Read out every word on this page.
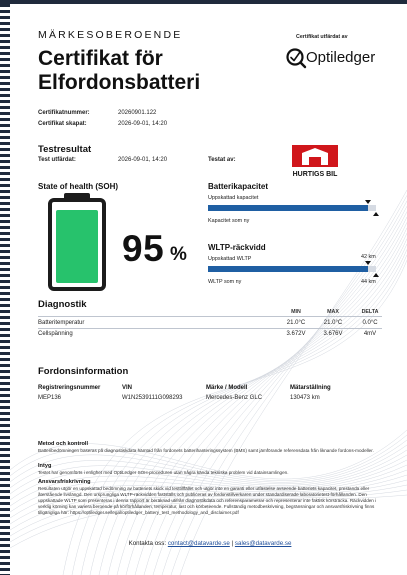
MÄRKESOBEROENDE
Certifikat för
Elfordonsbatteri
Certifikat utfärdat av
Optiledger
Certifikatnummer:	20260901.122
Certifikat skapat:	2026-09-01, 14:20
Testresultat
Test utfärdat:	2026-09-01, 14:20	Testat av:
HURTIGS BIL
State of health (SOH)
95 %
Batterikapacitet
Uppskattad kapacitet
Kapacitet som ny
WLTP-räckvidd
Uppskattad WLTP	42 km
WLTP som ny	44 km
Diagnostik
MIN	MAX	DELTA
Batteritemperatur	21.0°C	21.0°C	0.0°C
Cellspänning	3.672V	3.676V	4mV
Fordonsinformation
Registreringsnummer
MEP136
VIN
W1N2539111G098293
Märke / Modell
Mercedes-Benz GLC
Mätarställning
130473 km
Metod och kontroll
Batteribedömningen baseras på diagnostiskdata hämtad från fordonets batterihanteringssystem (BMS) samt jämförande referensdata från liknande fordons-modeller.
Intyg
Testet har genomförts i enlighet med OptiLedger SOH-proceduren utan några kända tekniska problem vid datainsamlingen.
Ansvarsfriskrivning
Resultaten utgör en uppskattad bedömning av batteriets skick vid testtillfället och utgör inte en garanti eller utfästelse avseende batteriets kapacitet, prestanda eller återstående livslängd. Den ursprungliga WLTP-räckvidden fastställs och publiceras av fordonstillverkaren under standardiserade laboratorietest-förhållanden. Den uppskattade WLTP som presenteras i denna rapport är beräknad utifrån diagnostikdata och referensparametrar och representerar inte faktisk körsträcka. Räckvidden i verklig körning kan variera beroende på körförhållanden, temperatur, last och körbeteende. Fullständig metodbeskrivning, begränsningar och ansvarsfriskrivning finns tillgängliga här: https://optiledger.se/legal/optiledger_battery_test_methodology_and_disclaimer.pdf
Kontakta oss: contact@datavarde.se | sales@datavarde.se
